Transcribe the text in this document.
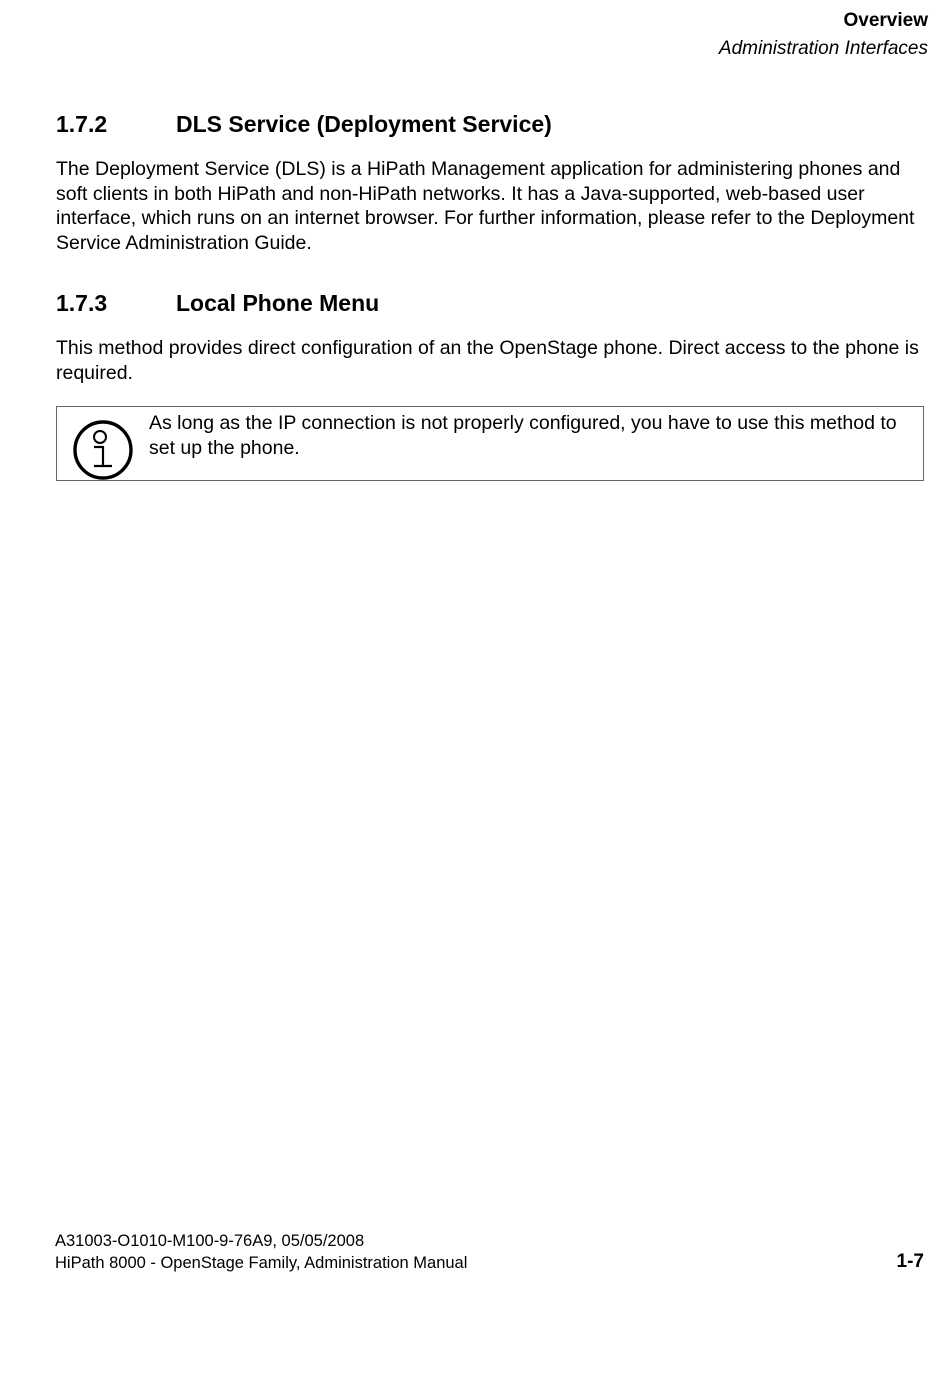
Overview
Administration Interfaces
1.7.2	DLS Service (Deployment Service)

The Deployment Service (DLS) is a HiPath Management application for administering phones and soft clients in both HiPath and non-HiPath networks. It has a Java-supported, web-based user interface, which runs on an internet browser. For further information, please refer to the Deployment Service Administration Guide.

1.7.3	Local Phone Menu

This method provides direct configuration of an the OpenStage phone. Direct access to the phone is required.

As long as the IP connection is not properly configured, you have to use this method to set up the phone.
A31003-O1010-M100-9-76A9, 05/05/2008
HiPath 8000 - OpenStage Family, Administration Manual	1-7
